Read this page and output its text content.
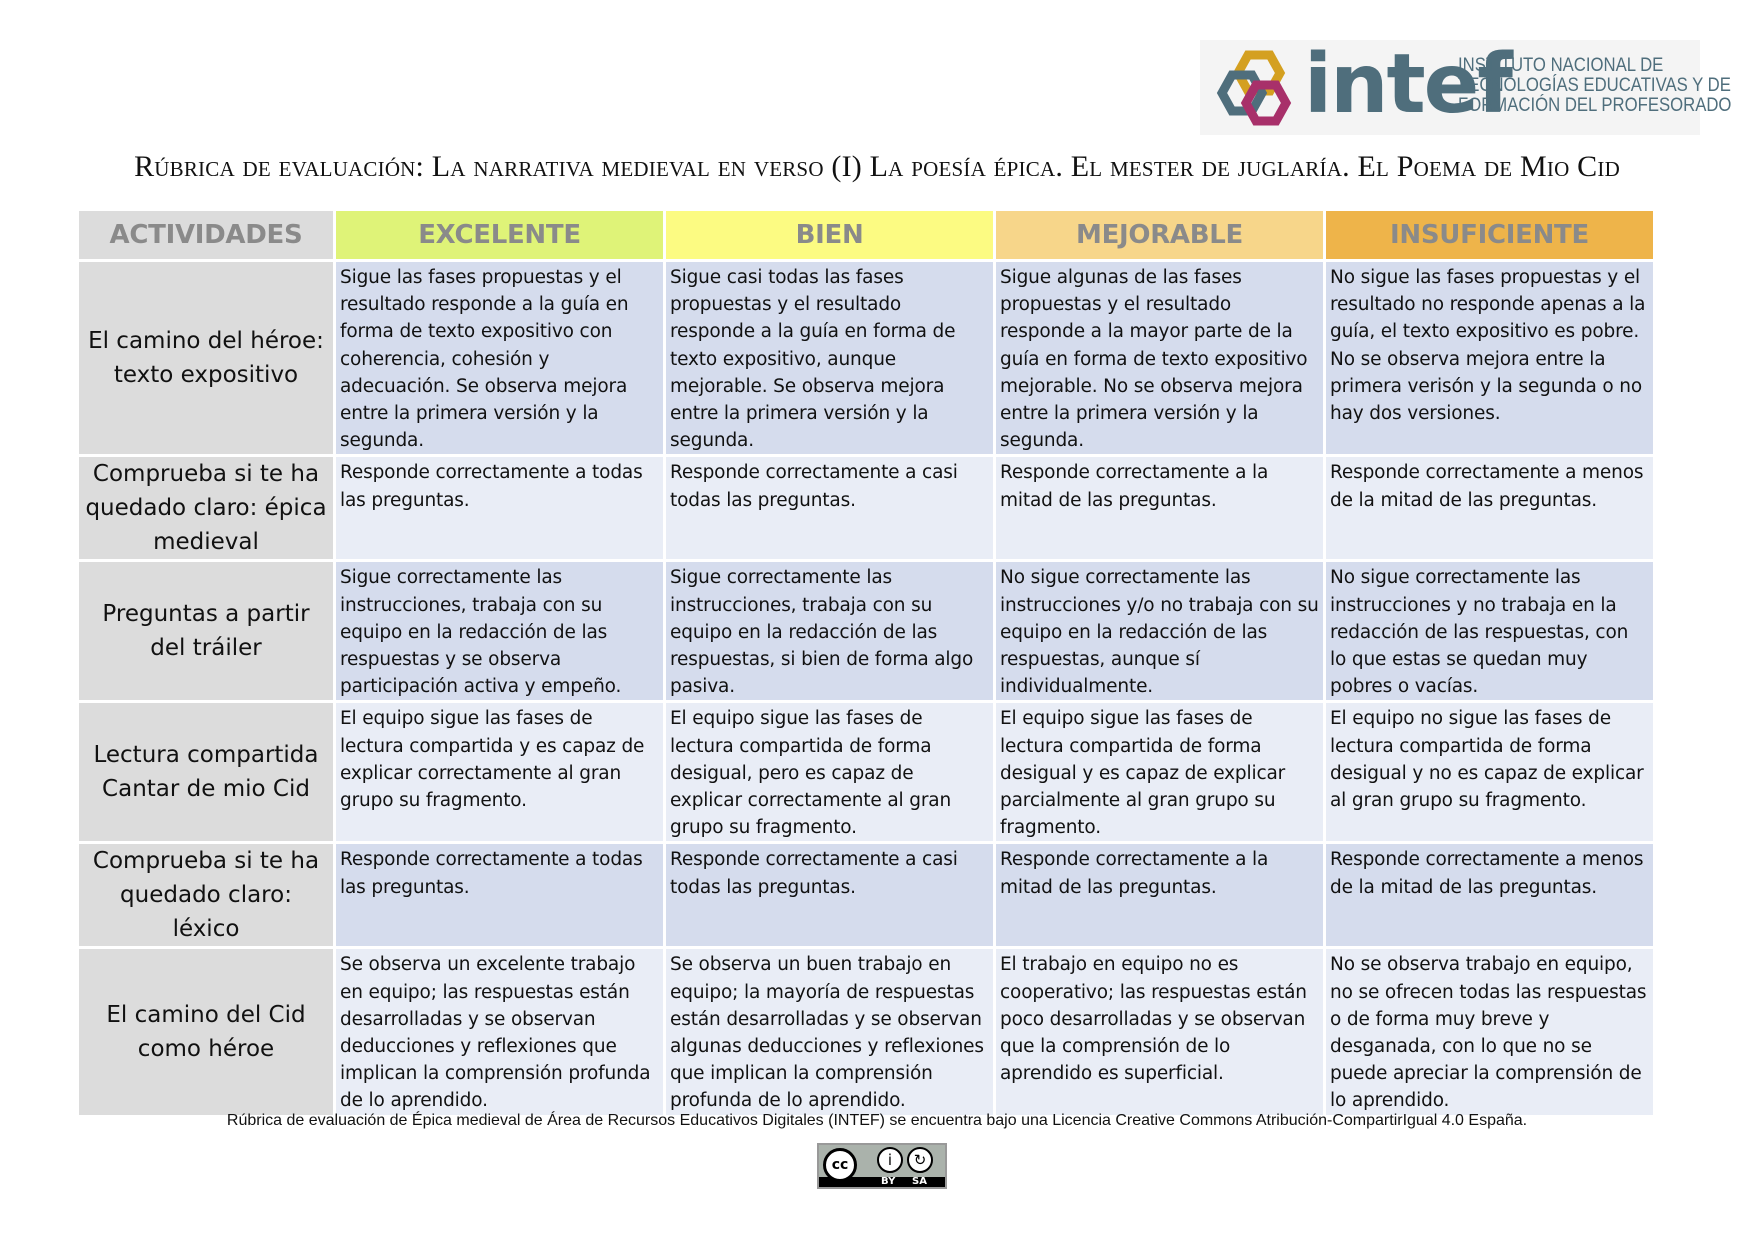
intef
INSTITUTO NACIONAL DE
TECNOLOGÍAS EDUCATIVAS Y DE
FORMACIÓN DEL PROFESORADO
Rúbrica de evaluación: La narrativa medieval en verso (I) La poesía épica. El mester de juglaría. El Poema de Mio Cid
ACTIVIDADES	EXCELENTE	BIEN	MEJORABLE	INSUFICIENTE
El camino del héroe: texto expositivo	Sigue las fases propuestas y el resultado responde a la guía en forma de texto expositivo con coherencia, cohesión y adecuación. Se observa mejora entre la primera versión y la segunda.	Sigue casi todas las fases propuestas y el resultado responde a la guía en forma de texto expositivo, aunque mejorable. Se observa mejora entre la primera versión y la segunda.	Sigue algunas de las fases propuestas y el resultado responde a la mayor parte de la guía en forma de texto expositivo mejorable. No se observa mejora entre la primera versión y la segunda.	No sigue las fases propuestas y el resultado no responde apenas a la guía, el texto expositivo es pobre. No se observa mejora entre la primera verisón y la segunda o no hay dos versiones.
Comprueba si te ha quedado claro: épica medieval	Responde correctamente a todas las preguntas.	Responde correctamente a casi todas las preguntas.	Responde correctamente a la mitad de las preguntas.	Responde correctamente a menos de la mitad de las preguntas.
Preguntas a partir del tráiler	Sigue correctamente las instrucciones, trabaja con su equipo en la redacción de las respuestas y se observa participación activa y empeño.	Sigue correctamente las instrucciones, trabaja con su equipo en la redacción de las respuestas, si bien de forma algo pasiva.	No sigue correctamente las instrucciones y/o no trabaja con su equipo en la redacción de las respuestas, aunque sí individualmente.	No sigue correctamente las instrucciones y no trabaja en la redacción de las respuestas, con lo que estas se quedan muy pobres o vacías.
Lectura compartida Cantar de mio Cid	El equipo sigue las fases de lectura compartida y es capaz de explicar correctamente al gran grupo su fragmento.	El equipo sigue las fases de lectura compartida de forma desigual, pero es capaz de explicar correctamente al gran grupo su fragmento.	El equipo sigue las fases de lectura compartida de forma desigual y es capaz de explicar parcialmente al gran grupo su fragmento.	El equipo no sigue las fases de lectura compartida de forma desigual y no es capaz de explicar al gran grupo su fragmento.
Comprueba si te ha quedado claro: léxico	Responde correctamente a todas las preguntas.	Responde correctamente a casi todas las preguntas.	Responde correctamente a la mitad de las preguntas.	Responde correctamente a menos de la mitad de las preguntas.
El camino del Cid como héroe	Se observa un excelente trabajo en equipo; las respuestas están desarrolladas y se observan deducciones y reflexiones que implican la comprensión profunda de lo aprendido.	Se observa un buen trabajo en equipo; la mayoría de respuestas están desarrolladas y se observan algunas deducciones y reflexiones que implican la comprensión profunda de lo aprendido.	El trabajo en equipo no es cooperativo; las respuestas están poco desarrolladas y se observan que la comprensión de lo aprendido es superficial.	No se observa trabajo en equipo, no se ofrecen todas las respuestas o de forma muy breve y desganada, con lo que no se puede apreciar la comprensión de lo aprendido.
Rúbrica de evaluación de Épica medieval de Área de Recursos Educativos Digitales (INTEF) se encuentra bajo una Licencia Creative Commons Atribución-CompartirIgual 4.0 España.
cc	i	↻
BY SA
